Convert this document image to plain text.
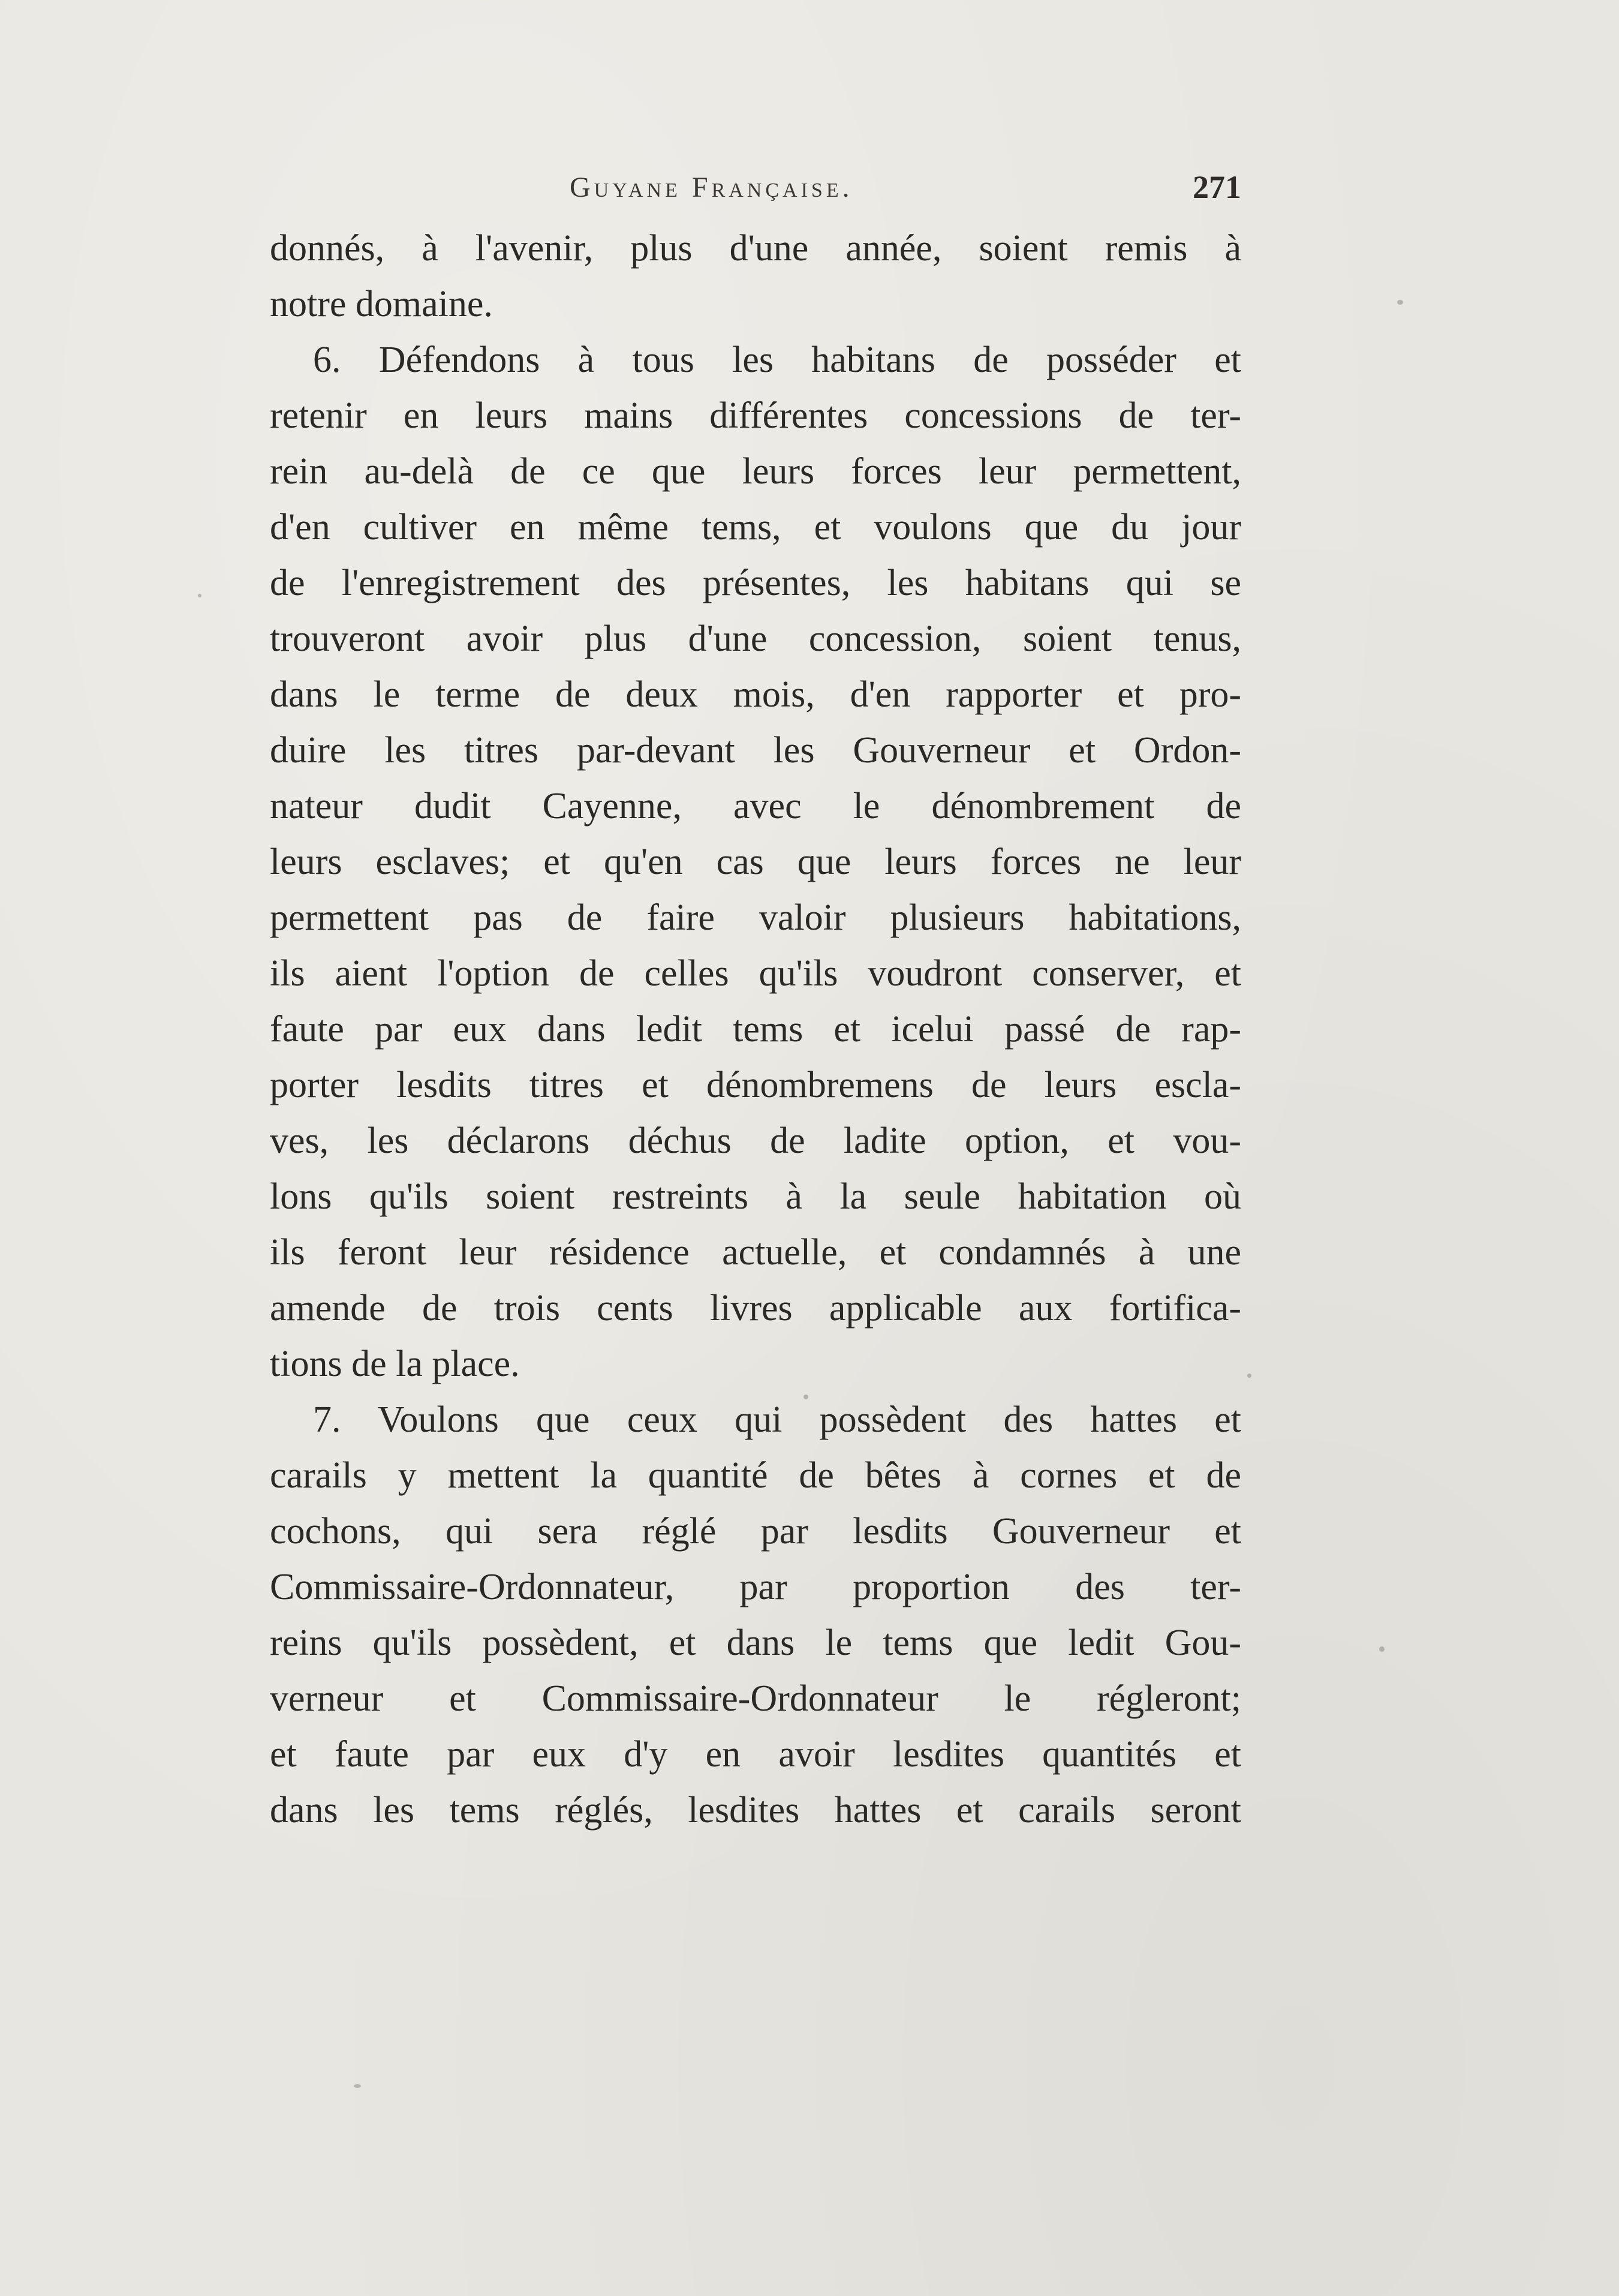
Guyane Française.	271
donnés, à l'avenir, plus d'une année, soient remis à
notre domaine.
6. Défendons à tous les habitans de posséder et
retenir en leurs mains différentes concessions de ter-
rein au-delà de ce que leurs forces leur permettent,
d'en cultiver en même tems, et voulons que du jour
de l'enregistrement des présentes, les habitans qui se
trouveront avoir plus d'une concession, soient tenus,
dans le terme de deux mois, d'en rapporter et pro-
duire les titres par-devant les Gouverneur et Ordon-
nateur dudit Cayenne, avec le dénombrement de
leurs esclaves; et qu'en cas que leurs forces ne leur
permettent pas de faire valoir plusieurs habitations,
ils aient l'option de celles qu'ils voudront conserver, et
faute par eux dans ledit tems et icelui passé de rap-
porter lesdits titres et dénombremens de leurs escla-
ves, les déclarons déchus de ladite option, et vou-
lons qu'ils soient restreints à la seule habitation où
ils feront leur résidence actuelle, et condamnés à une
amende de trois cents livres applicable aux fortifica-
tions de la place.
7. Voulons que ceux qui possèdent des hattes et
carails y mettent la quantité de bêtes à cornes et de
cochons, qui sera réglé par lesdits Gouverneur et
Commissaire-Ordonnateur, par proportion des ter-
reins qu'ils possèdent, et dans le tems que ledit Gou-
verneur et Commissaire-Ordonnateur le régleront;
et faute par eux d'y en avoir lesdites quantités et
dans les tems réglés, lesdites hattes et carails seront
